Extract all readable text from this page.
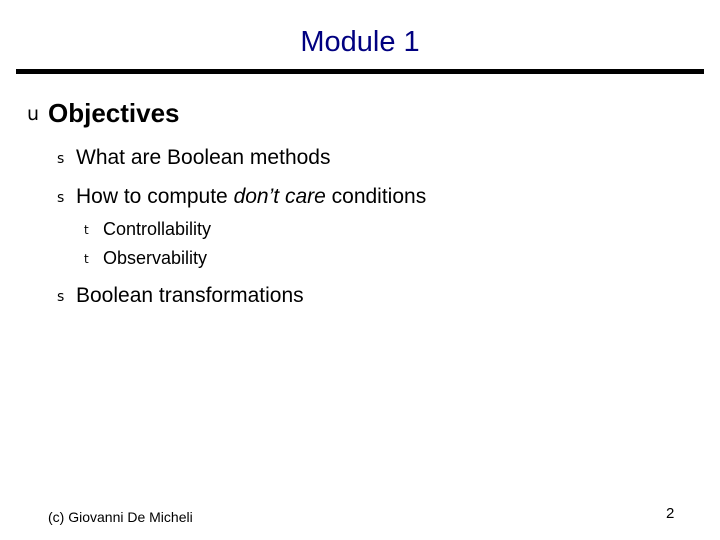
Module 1
u Objectives
s What are Boolean methods
s How to compute don’t care conditions
t Controllability
t Observability
s Boolean transformations
(c) Giovanni De Micheli	2
